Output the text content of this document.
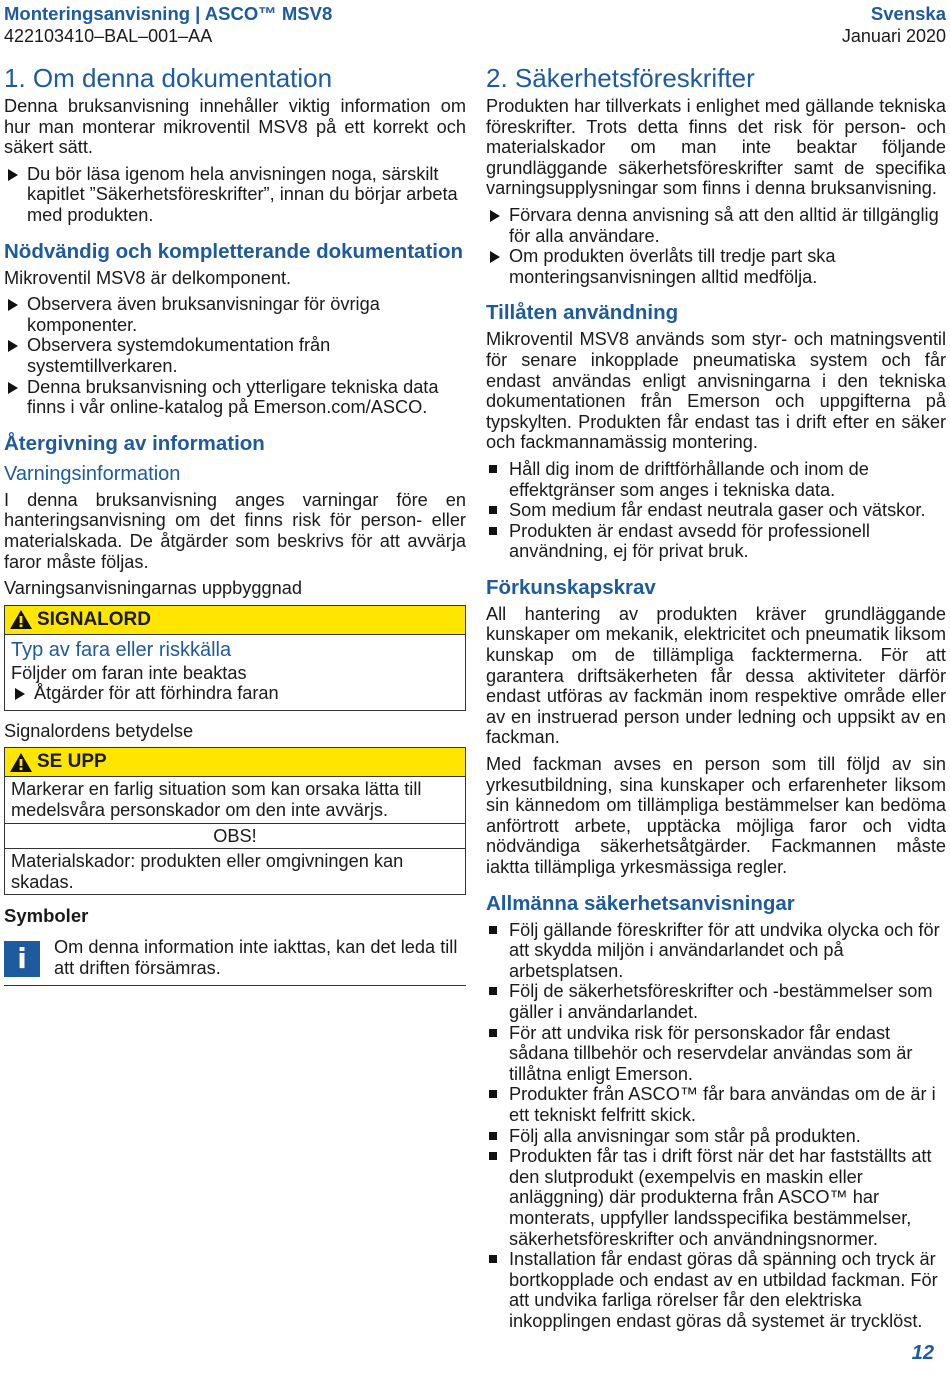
Monteringsanvisning | ASCO™ MSV8
422103410–BAL–001–AA
Svenska
Januari 2020
1. Om denna dokumentation

Denna bruksanvisning innehåller viktig information om hur man monterar mikroventil MSV8 på ett korrekt och säkert sätt.

Du bör läsa igenom hela anvisningen noga, särskilt kapitlet ”Säkerhetsföreskrifter”, innan du börjar arbeta med produkten.
Nödvändig och kompletterande dokumentation

Mikroventil MSV8 är delkomponent.

Observera även bruksanvisningar för övriga komponenter.
Observera systemdokumentation från systemtillverkaren.
Denna bruksanvisning och ytterligare tekniska data finns i vår online-katalog på Emerson.com/ASCO.
Återgivning av information
Varningsinformation

I denna bruksanvisning anges varningar före en hanteringsanvisning om det finns risk för person- eller materialskada. De åtgärder som beskrivs för att avvärja faror måste följas.

Varningsanvisningarnas uppbyggnad

SIGNALORD
Typ av fara eller riskkälla
Följder om faran inte beaktas
Åtgärder för att förhindra faran

Signalordens betydelse

SE UPP
Markerar en farlig situation som kan orsaka lätta till medelsvåra personskador om den inte avvärjs.
OBS!
Materialskador: produkten eller omgivningen kan skadas.
Symboler
i	Om denna information inte iakttas, kan det leda till att driften försämras.
2. Säkerhetsföreskrifter

Produkten har tillverkats i enlighet med gällande tekniska föreskrifter. Trots detta finns det risk för person- och materialskador om man inte beaktar följande grundläggande säkerhetsföreskrifter samt de specifika varningsupplysningar som finns i denna bruksanvisning.

Förvara denna anvisning så att den alltid är tillgänglig för alla användare.
Om produkten överlåts till tredje part ska monteringsanvisningen alltid medfölja.
Tillåten användning

Mikroventil MSV8 används som styr- och matningsventil för senare inkopplade pneumatiska system och får endast användas enligt anvisningarna i den tekniska dokumentationen från Emerson och uppgifterna på typskylten. Produkten får endast tas i drift efter en säker och fackmannamässig montering.

Håll dig inom de driftförhållande och inom de effektgränser som anges i tekniska data.
Som medium får endast neutrala gaser och vätskor.
Produkten är endast avsedd för professionell användning, ej för privat bruk.
Förkunskapskrav

All hantering av produkten kräver grundläggande kunskaper om mekanik, elektricitet och pneumatik liksom kunskap om de tillämpliga facktermerna. För att garantera driftsäkerheten får dessa aktiviteter därför endast utföras av fackmän inom respektive område eller av en instruerad person under ledning och uppsikt av en fackman.

Med fackman avses en person som till följd av sin yrkesutbildning, sina kunskaper och erfarenheter liksom sin kännedom om tillämpliga bestämmelser kan bedöma anförtrott arbete, upptäcka möjliga faror och vidta nödvändiga säkerhetsåtgärder. Fackmannen måste iaktta tillämpliga yrkesmässiga regler.

Allmänna säkerhetsanvisningar
Följ gällande föreskrifter för att undvika olycka och för att skydda miljön i användarlandet och på arbetsplatsen.
Följ de säkerhetsföreskrifter och -bestämmelser som gäller i användarlandet.
För att undvika risk för personskador får endast sådana tillbehör och reservdelar användas som är tillåtna enligt Emerson.
Produkter från ASCO™ får bara användas om de är i ett tekniskt felfritt skick.
Följ alla anvisningar som står på produkten.
Produkten får tas i drift först när det har fastställts att den slutprodukt (exempelvis en maskin eller anläggning) där produkterna från ASCO™ har monterats, uppfyller landsspecifika bestämmelser, säkerhetsföreskrifter och användningsnormer.
Installation får endast göras då spänning och tryck är bortkopplade och endast av en utbildad fackman. För att undvika farliga rörelser får den elektriska inkopplingen endast göras då systemet är trycklöst.
12
